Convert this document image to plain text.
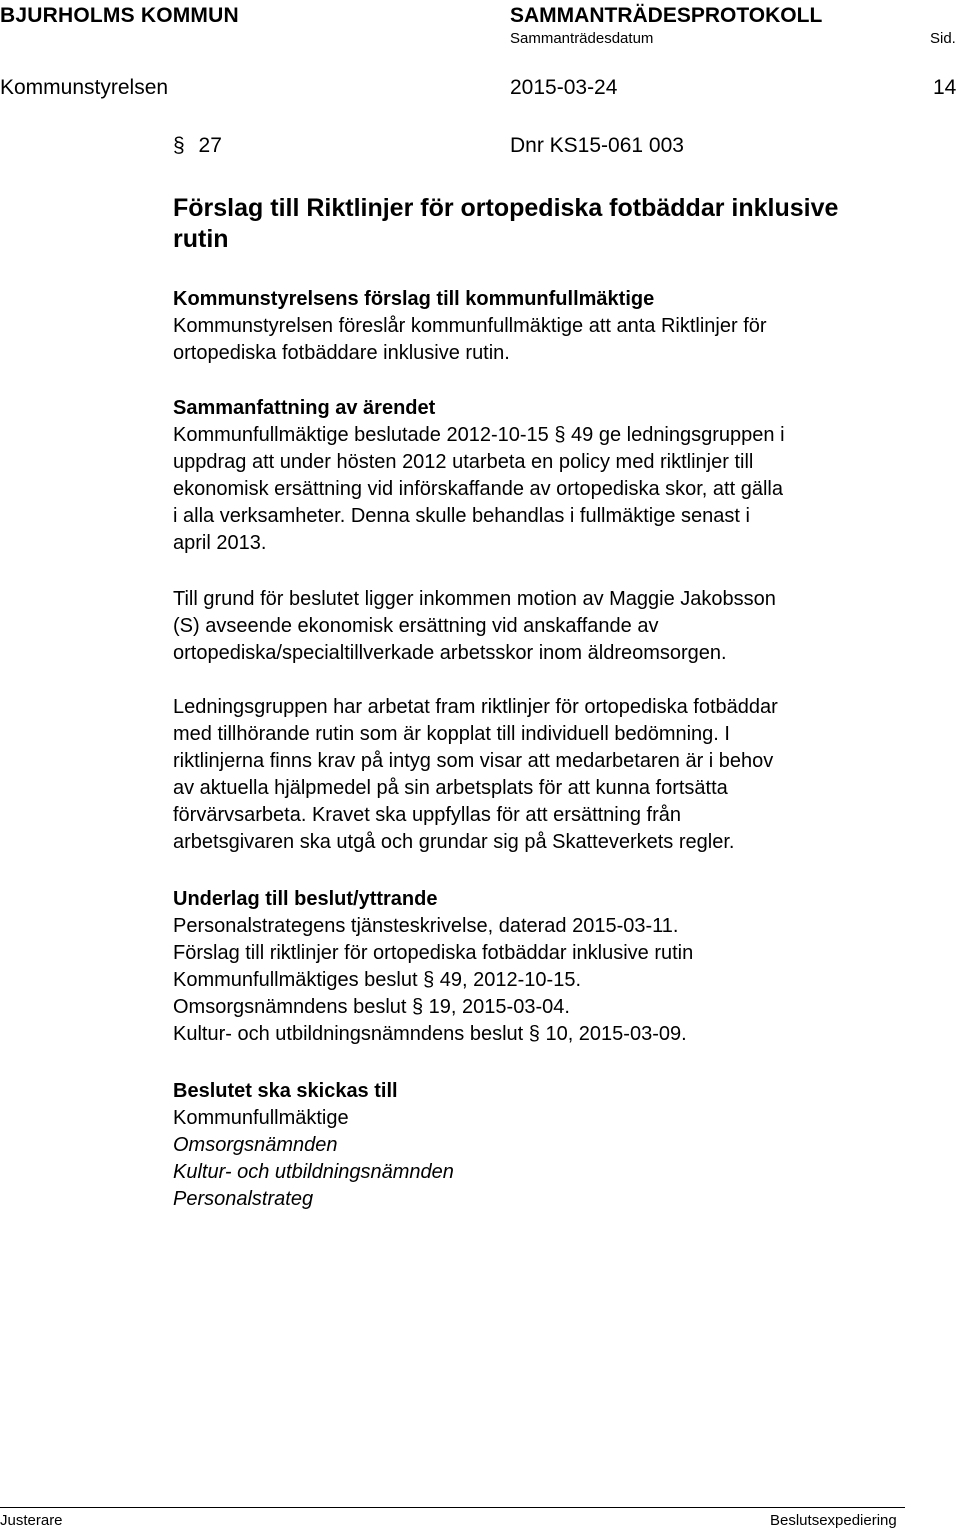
BJURHOLMS KOMMUN	SAMMANTRÄDESPROTOKOLL
Sammanträdesdatum	Sid.
Kommunstyrelsen	2015-03-24	14
§ 27	Dnr KS15-061 003
Förslag till Riktlinjer för ortopediska fotbäddar inklusive rutin

Kommunstyrelsens förslag till kommunfullmäktige

Kommunstyrelsen föreslår kommunfullmäktige att anta Riktlinjer för

ortopediska fotbäddare inklusive rutin.

Sammanfattning av ärendet

Kommunfullmäktige beslutade 2012-10-15 § 49 ge ledningsgruppen i

uppdrag att under hösten 2012 utarbeta en policy med riktlinjer till

ekonomisk ersättning vid införskaffande av ortopediska skor, att gälla

i alla verksamheter. Denna skulle behandlas i fullmäktige senast i

april 2013.

Till grund för beslutet ligger inkommen motion av Maggie Jakobsson

(S) avseende ekonomisk ersättning vid anskaffande av

ortopediska/specialtillverkade arbetsskor inom äldreomsorgen.

Ledningsgruppen har arbetat fram riktlinjer för ortopediska fotbäddar

med tillhörande rutin som är kopplat till individuell bedömning. I

riktlinjerna finns krav på intyg som visar att medarbetaren är i behov

av aktuella hjälpmedel på sin arbetsplats för att kunna fortsätta

förvärvsarbeta. Kravet ska uppfyllas för att ersättning från

arbetsgivaren ska utgå och grundar sig på Skatteverkets regler.

Underlag till beslut/yttrande

Personalstrategens tjänsteskrivelse, daterad 2015-03-11.

Förslag till riktlinjer för ortopediska fotbäddar inklusive rutin

Kommunfullmäktiges beslut § 49, 2012-10-15.

Omsorgsnämndens beslut § 19, 2015-03-04.

Kultur- och utbildningsnämndens beslut § 10, 2015-03-09.

Beslutet ska skickas till

Kommunfullmäktige

Omsorgsnämnden

Kultur- och utbildningsnämnden

Personalstrateg

Justerare	Beslutsexpediering
